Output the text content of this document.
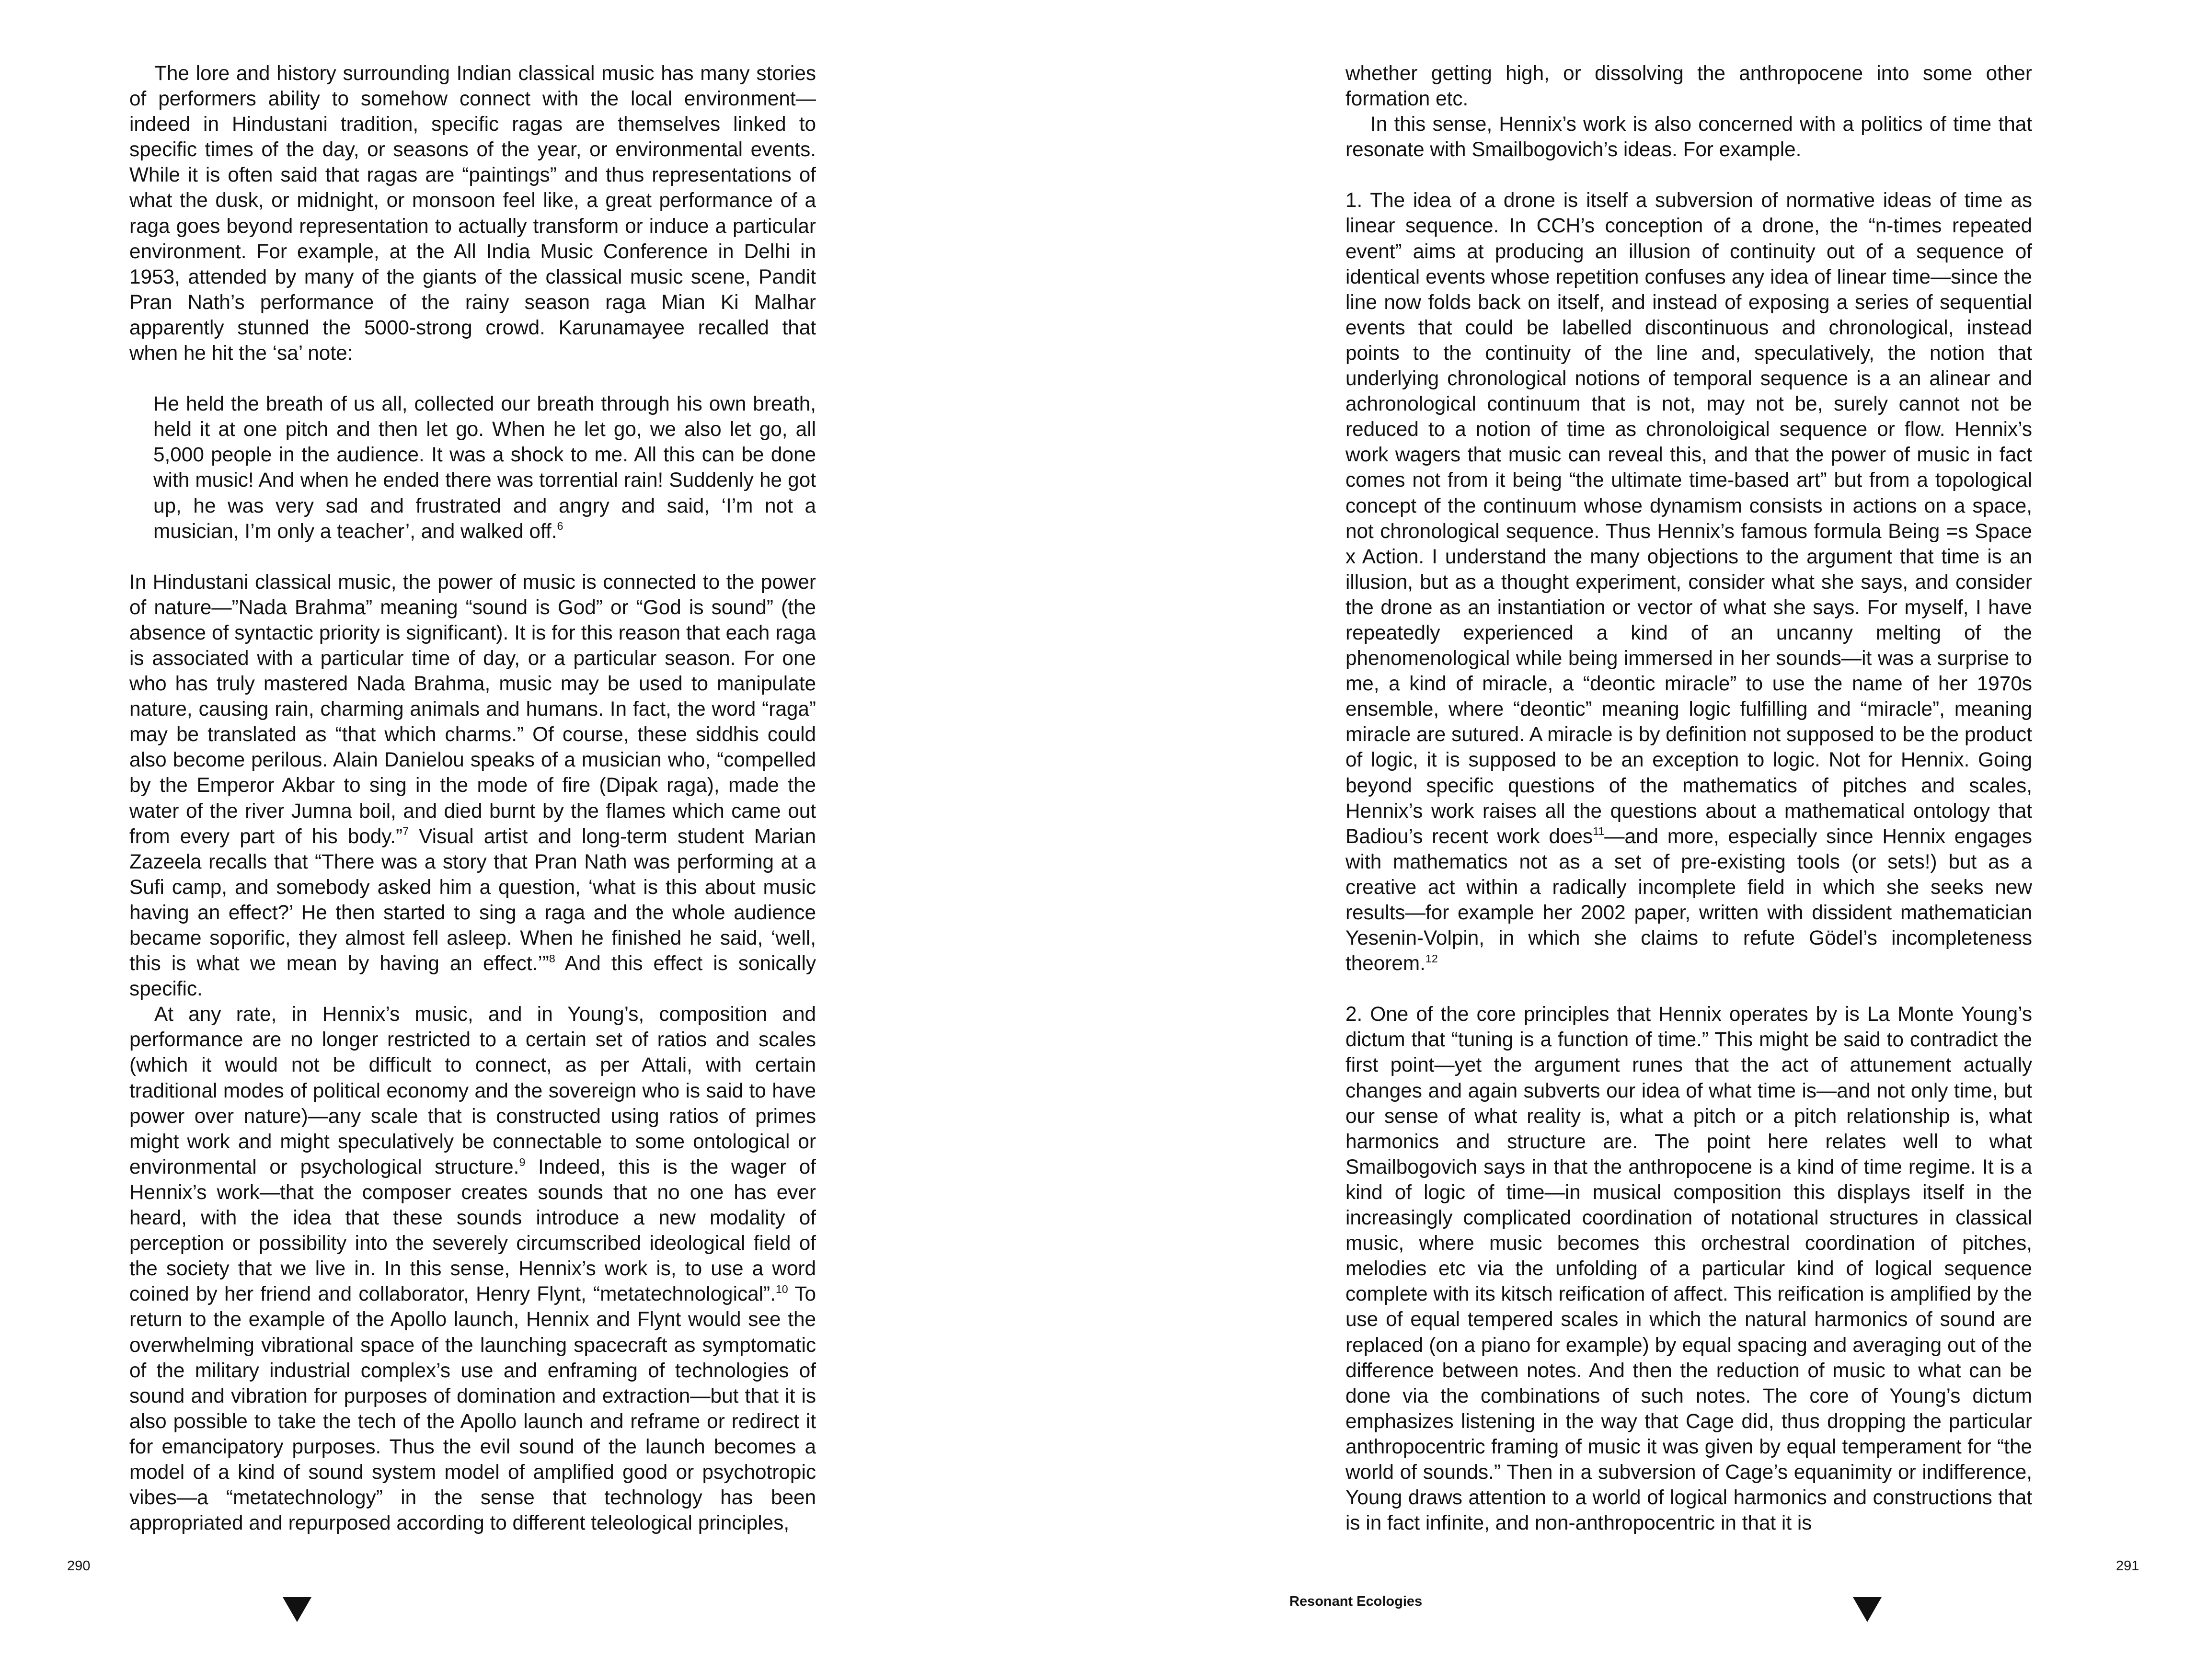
The lore and history surrounding Indian classical music has many stories of performers ability to somehow connect with the local environment—indeed in Hindustani tradition, specific ragas are themselves linked to specific times of the day, or seasons of the year, or environmental events. While it is often said that ragas are “paintings” and thus representations of what the dusk, or midnight, or monsoon feel like, a great performance of a raga goes beyond representation to actually transform or induce a particular environment. For example, at the All India Music Conference in Delhi in 1953, attended by many of the giants of the classical music scene, Pandit Pran Nath’s performance of the rainy season raga Mian Ki Malhar apparently stunned the 5000-strong crowd. Karunamayee recalled that when he hit the ‘sa’ note:

He held the breath of us all, collected our breath through his own breath, held it at one pitch and then let go. When he let go, we also let go, all 5,000 people in the audience. It was a shock to me. All this can be done with music! And when he ended there was torrential rain! Suddenly he got up, he was very sad and frustrated and angry and said, ‘I’m not a musician, I’m only a teacher’, and walked off.$^6$

In Hindustani classical music, the power of music is connected to the power of nature—”Nada Brahma” meaning “sound is God” or “God is sound” (the absence of syntactic priority is significant). It is for this reason that each raga is associated with a particular time of day, or a particular season. For one who has truly mastered Nada Brahma, music may be used to manipulate nature, causing rain, charming animals and humans. In fact, the word “raga” may be translated as “that which charms.” Of course, these siddhis could also become perilous. Alain Danielou speaks of a musician who, “compelled by the Emperor Akbar to sing in the mode of fire (Dipak raga), made the water of the river Jumna boil, and died burnt by the flames which came out from every part of his body.”$^7$ Visual artist and long-term student Marian Zazeela recalls that “There was a story that Pran Nath was performing at a Sufi camp, and somebody asked him a question, ‘what is this about music having an effect?’ He then started to sing a raga and the whole audience became soporific, they almost fell asleep. When he finished he said, ‘well, this is what we mean by having an effect.’”$^8$ And this effect is sonically specific.

At any rate, in Hennix’s music, and in Young’s, composition and performance are no longer restricted to a certain set of ratios and scales (which it would not be difficult to connect, as per Attali, with certain traditional modes of political economy and the sovereign who is said to have power over nature)—any scale that is constructed using ratios of primes might work and might speculatively be connectable to some ontological or environmental or psychological structure.$^9$ Indeed, this is the wager of Hennix’s work—that the composer creates sounds that no one has ever heard, with the idea that these sounds introduce a new modality of perception or possibility into the severely circumscribed ideological field of the society that we live in. In this sense, Hennix’s work is, to use a word coined by her friend and collaborator, Henry Flynt, “metatechnological”.$^{10}$ To return to the example of the Apollo launch, Hennix and Flynt would see the overwhelming vibrational space of the launching spacecraft as symptomatic of the military industrial complex’s use and enframing of technologies of sound and vibration for purposes of domination and extraction—but that it is also possible to take the tech of the Apollo launch and reframe or redirect it for emancipatory purposes. Thus the evil sound of the launch becomes a model of a kind of sound system model of amplified good or psychotropic vibes—a “metatechnology” in the sense that technology has been appropriated and repurposed according to different teleological principles,

290

whether getting high, or dissolving the anthropocene into some other formation etc.

In this sense, Hennix’s work is also concerned with a politics of time that resonate with Smailbogovich’s ideas. For example.

1. The idea of a drone is itself a subversion of normative ideas of time as linear sequence. In CCH’s conception of a drone, the “n-times repeated event” aims at producing an illusion of continuity out of a sequence of identical events whose repetition confuses any idea of linear time—since the line now folds back on itself, and instead of exposing a series of sequential events that could be labelled discontinuous and chronological, instead points to the continuity of the line and, speculatively, the notion that underlying chronological notions of temporal sequence is a an alinear and achronological continuum that is not, may not be, surely cannot not be reduced to a notion of time as chronoloigical sequence or flow. Hennix’s work wagers that music can reveal this, and that the power of music in fact comes not from it being “the ultimate time-based art” but from a topological concept of the continuum whose dynamism consists in actions on a space, not chronological sequence. Thus Hennix’s famous formula Being =s Space x Action. I understand the many objections to the argument that time is an illusion, but as a thought experiment, consider what she says, and consider the drone as an instantiation or vector of what she says. For myself, I have repeatedly experienced a kind of an uncanny melting of the phenomenological while being immersed in her sounds—it was a surprise to me, a kind of miracle, a “deontic miracle” to use the name of her 1970s ensemble, where “deontic” meaning logic fulfilling and “miracle”, meaning miracle are sutured. A miracle is by definition not supposed to be the product of logic, it is supposed to be an exception to logic. Not for Hennix. Going beyond specific questions of the mathematics of pitches and scales, Hennix’s work raises all the questions about a mathematical ontology that Badiou’s recent work does$^{11}$—and more, especially since Hennix engages with mathematics not as a set of pre-existing tools (or sets!) but as a creative act within a radically incomplete field in which she seeks new results—for example her 2002 paper, written with dissident mathematician Yesenin-Volpin, in which she claims to refute Gödel’s incompleteness theorem.$^{12}$

2. One of the core principles that Hennix operates by is La Monte Young’s dictum that “tuning is a function of time.” This might be said to contradict the first point—yet the argument runes that the act of attunement actually changes and again subverts our idea of what time is—and not only time, but our sense of what reality is, what a pitch or a pitch relationship is, what harmonics and structure are. The point here relates well to what Smailbogovich says in that the anthropocene is a kind of time regime. It is a kind of logic of time—in musical composition this displays itself in the increasingly complicated coordination of notational structures in classical music, where music becomes this orchestral coordination of pitches, melodies etc via the unfolding of a particular kind of logical sequence complete with its kitsch reification of affect. This reification is amplified by the use of equal tempered scales in which the natural harmonics of sound are replaced (on a piano for example) by equal spacing and averaging out of the difference between notes. And then the reduction of music to what can be done via the combinations of such notes. The core of Young’s dictum emphasizes listening in the way that Cage did, thus dropping the particular anthropocentric framing of music it was given by equal temperament for “the world of sounds.” Then in a subversion of Cage’s equanimity or indifference, Young draws attention to a world of logical harmonics and constructions that is in fact infinite, and non-anthropocentric in that it is

Resonant Ecologies
291
